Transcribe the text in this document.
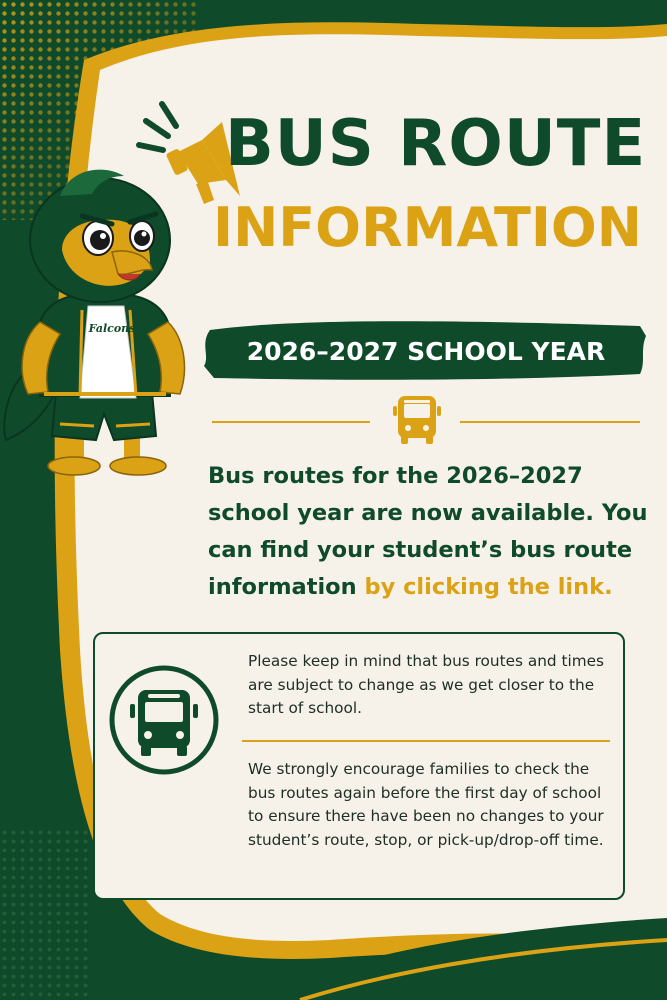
Falcons
BUS ROUTE
INFORMATION
2026–2027 SCHOOL YEAR
Bus routes for the 2026–2027 school year are now available. You can find your student’s bus route information by clicking the link.
Please keep in mind that bus routes and times are subject to change as we get closer to the start of school.
We strongly encourage families to check the bus routes again before the first day of school to ensure there have been no changes to your student’s route, stop, or pick-up/drop-off time.
